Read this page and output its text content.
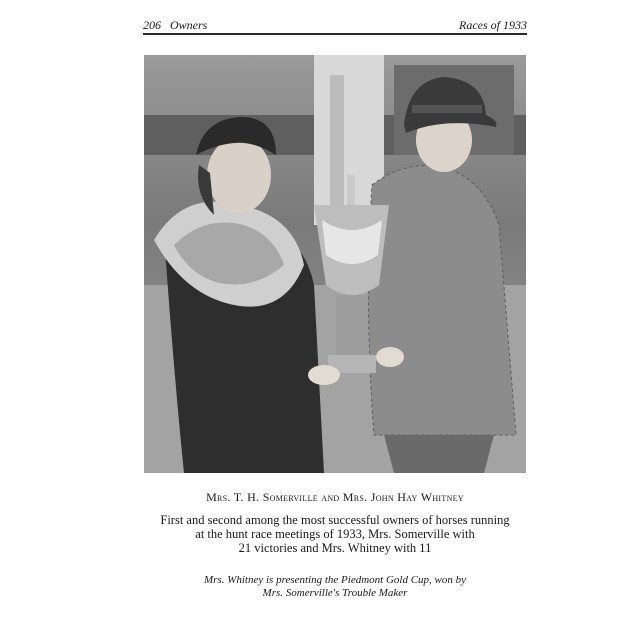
206 Owners	Races of 1933
Mrs. T. H. Somerville and Mrs. John Hay Whitney
First and second among the most successful owners of horses running
at the hunt race meetings of 1933, Mrs. Somerville with
21 victories and Mrs. Whitney with 11
Mrs. Whitney is presenting the Piedmont Gold Cup, won by
Mrs. Somerville's Trouble Maker
